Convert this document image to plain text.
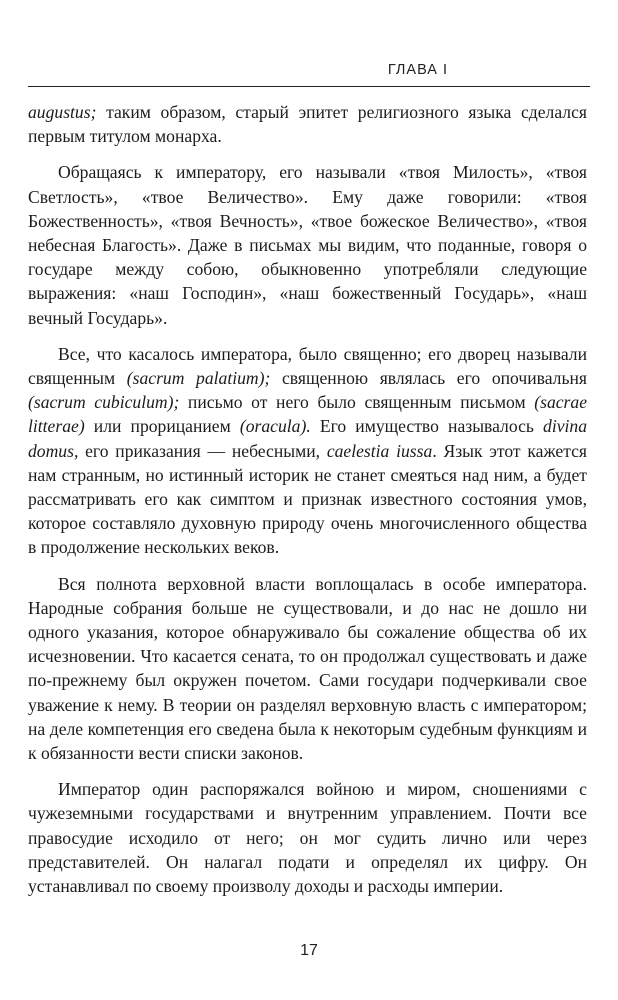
ГЛАВА I

augustus; таким образом, старый эпитет религиозного языка сделался первым титулом монарха.

Обращаясь к императору, его называли «твоя Милость», «твоя Светлость», «твое Величество». Ему даже говорили: «твоя Божественность», «твоя Вечность», «твое божеское Величество», «твоя небесная Благость». Даже в письмах мы видим, что поданные, говоря о государе между собою, обыкновенно употребляли следующие выражения: «наш Господин», «наш божественный Государь», «наш вечный Государь».

Все, что касалось императора, было священно; его дворец называли священным (sacrum palatium); священною являлась его опочивальня (sacrum cubiculum); письмо от него было священным письмом (sacrae litterae) или прорицанием (oracula). Его имущество называлось divina domus, его приказания — небесными, caelestia iussa. Язык этот кажется нам странным, но истинный историк не станет смеяться над ним, а будет рассматривать его как симптом и признак известного состояния умов, которое составляло духовную природу очень многочисленного общества в продолжение нескольких веков.

Вся полнота верховной власти воплощалась в особе императора. Народные собрания больше не существовали, и до нас не дошло ни одного указания, которое обнаруживало бы сожаление общества об их исчезновении. Что касается сената, то он продолжал существовать и даже по-прежнему был окружен почетом. Сами государи подчеркивали свое уважение к нему. В теории он разделял верховную власть с императором; на деле компетенция его сведена была к некоторым судебным функциям и к обязанности вести списки законов.

Император один распоряжался войною и миром, сношениями с чужеземными государствами и внутренним управлением. Почти все правосудие исходило от него; он мог судить лично или через представителей. Он налагал подати и определял их цифру. Он устанавливал по своему произволу доходы и расходы империи.

17
